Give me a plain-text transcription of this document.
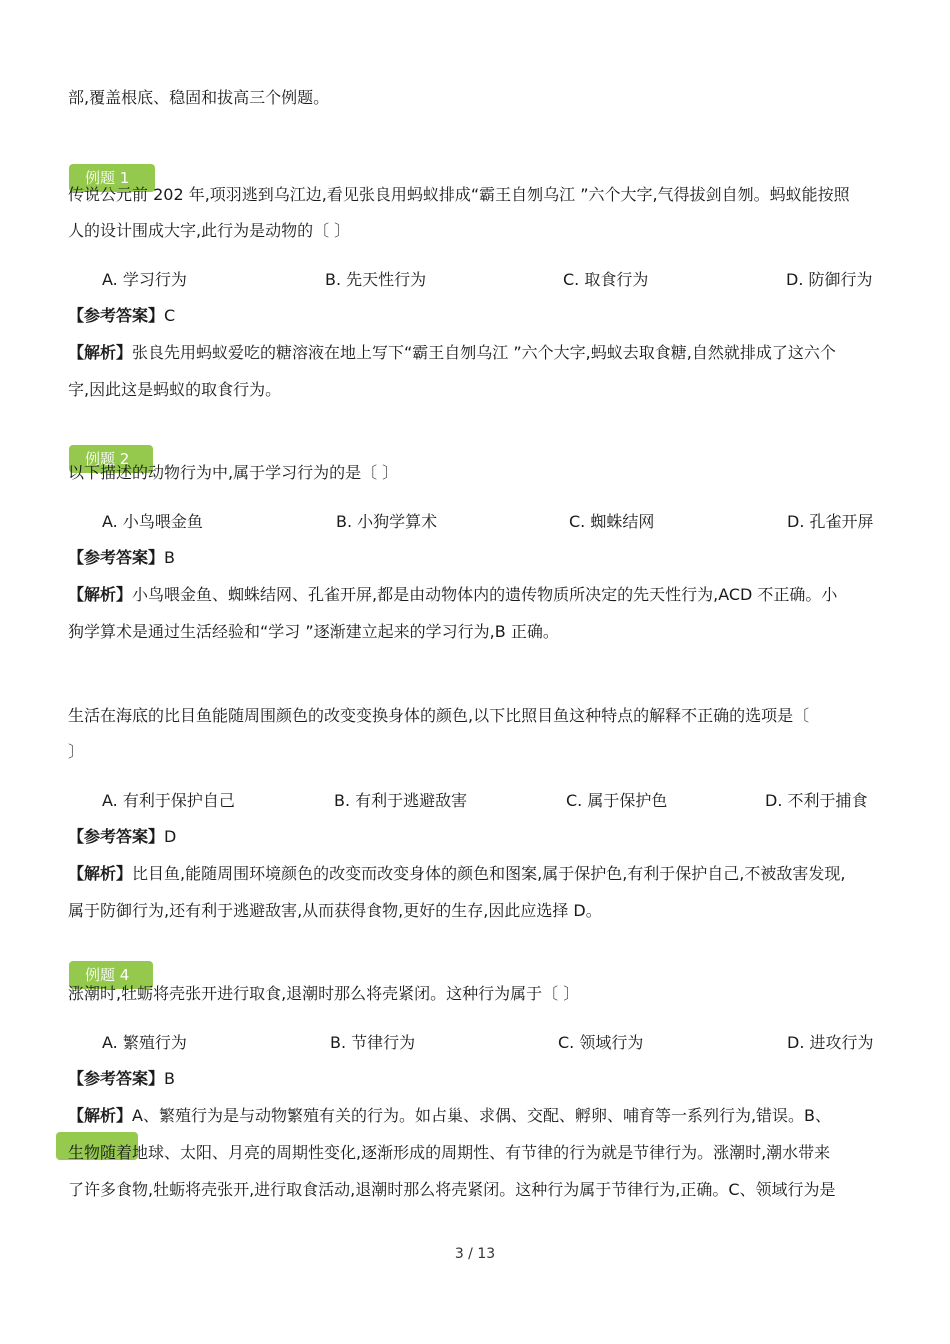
部,覆盖根底、稳固和拔高三个例题。
例题 1
传说公元前 202 年,项羽逃到乌江边,看见张良用蚂蚁排成“霸王自刎乌江 ”六个大字,气得拔剑自刎。蚂蚁能按照
人的设计围成大字,此行为是动物的〔 〕
A. 学习行为	B. 先天性行为	C. 取食行为	D. 防御行为
【参考答案】C
【解析】张良先用蚂蚁爱吃的糖溶液在地上写下“霸王自刎乌江 ”六个大字,蚂蚁去取食糖,自然就排成了这六个
字,因此这是蚂蚁的取食行为。
例题 2
以下描述的动物行为中,属于学习行为的是〔 〕
A. 小鸟喂金鱼	B. 小狗学算术	C. 蜘蛛结网	D. 孔雀开屏
【参考答案】B
【解析】小鸟喂金鱼、蜘蛛结网、孔雀开屏,都是由动物体内的遗传物质所决定的先天性行为,ACD 不正确。小
狗学算术是通过生活经验和“学习 ”逐渐建立起来的学习行为,B 正确。
生活在海底的比目鱼能随周围颜色的改变变换身体的颜色,以下比照目鱼这种特点的解释不正确的选项是〔
〕
A. 有利于保护自己	B. 有利于逃避敌害	C. 属于保护色	D. 不利于捕食
【参考答案】D
【解析】比目鱼,能随周围环境颜色的改变而改变身体的颜色和图案,属于保护色,有利于保护自己,不被敌害发现,
属于防御行为,还有利于逃避敌害,从而获得食物,更好的生存,因此应选择 D。
例题 4
涨潮时,牡蛎将壳张开进行取食,退潮时那么将壳紧闭。这种行为属于〔 〕
A. 繁殖行为	B. 节律行为	C. 领域行为	D. 进攻行为
【参考答案】B
【解析】A、繁殖行为是与动物繁殖有关的行为。如占巢、求偶、交配、孵卵、哺育等一系列行为,错误。B、
生物随着地球、太阳、月亮的周期性变化,逐渐形成的周期性、有节律的行为就是节律行为。涨潮时,潮水带来
了许多食物,牡蛎将壳张开,进行取食活动,退潮时那么将壳紧闭。这种行为属于节律行为,正确。C、领域行为是
3 / 13
